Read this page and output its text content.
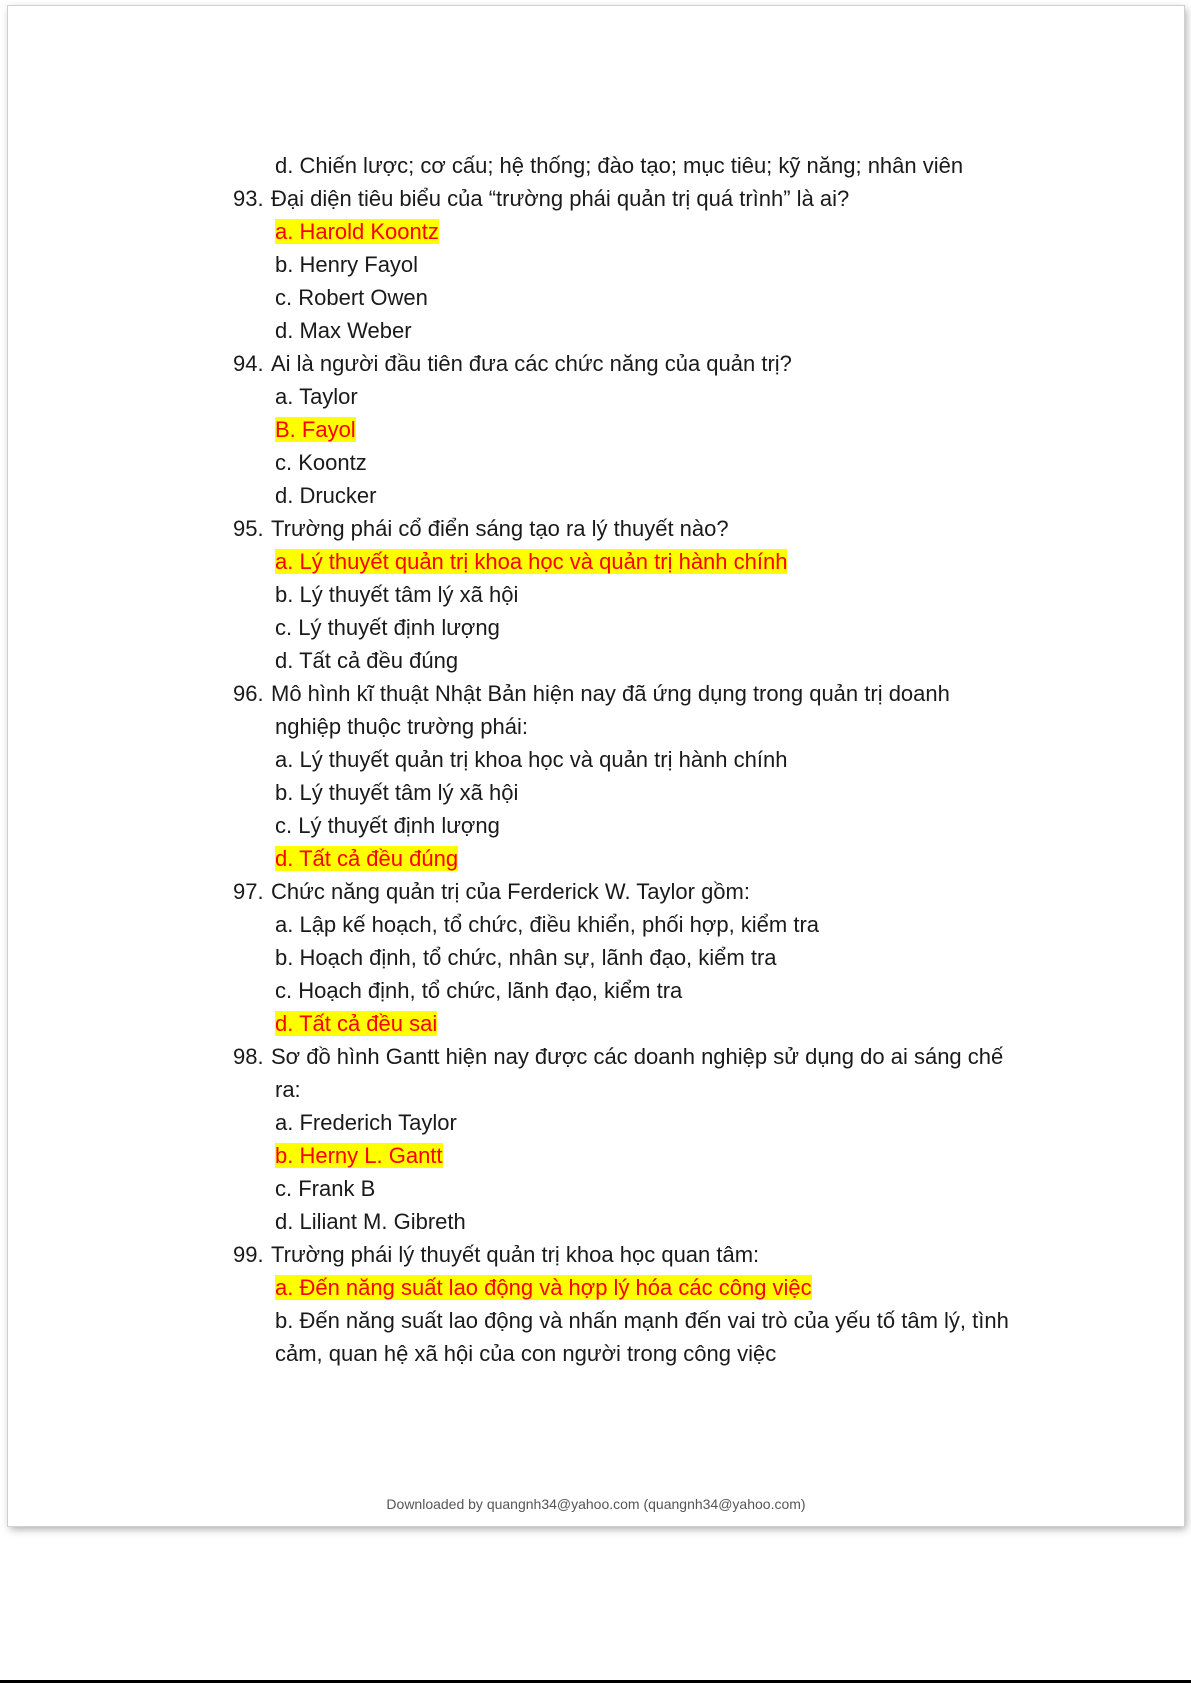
d. Chiến lược; cơ cấu; hệ thống; đào tạo; mục tiêu; kỹ năng; nhân viên
93. Đại diện tiêu biểu của “trường phái quản trị quá trình” là ai?
a. Harold Koontz
b. Henry Fayol
c. Robert Owen
d. Max Weber
94. Ai là người đầu tiên đưa các chức năng của quản trị?
a. Taylor
B. Fayol
c. Koontz
d. Drucker
95. Trường phái cổ điển sáng tạo ra lý thuyết nào?
a. Lý thuyết quản trị khoa học và quản trị hành chính
b. Lý thuyết tâm lý xã hội
c. Lý thuyết định lượng
d. Tất cả đều đúng
96. Mô hình kĩ thuật Nhật Bản hiện nay đã ứng dụng trong quản trị doanh
nghiệp thuộc trường phái:
a. Lý thuyết quản trị khoa học và quản trị hành chính
b. Lý thuyết tâm lý xã hội
c. Lý thuyết định lượng
d. Tất cả đều đúng
97. Chức năng quản trị của Ferderick W. Taylor gồm:
a. Lập kế hoạch, tổ chức, điều khiển, phối hợp, kiểm tra
b. Hoạch định, tổ chức, nhân sự, lãnh đạo, kiểm tra
c. Hoạch định, tổ chức, lãnh đạo, kiểm tra
d. Tất cả đều sai
98. Sơ đồ hình Gantt hiện nay được các doanh nghiệp sử dụng do ai sáng chế
ra:
a. Frederich Taylor
b. Herny L. Gantt
c. Frank B
d. Liliant M. Gibreth
99. Trường phái lý thuyết quản trị khoa học quan tâm:
a. Đến năng suất lao động và hợp lý hóa các công việc
b. Đến năng suất lao động và nhấn mạnh đến vai trò của yếu tố tâm lý, tình
cảm, quan hệ xã hội của con người trong công việc
Downloaded by quangnh34@yahoo.com (quangnh34@yahoo.com)
